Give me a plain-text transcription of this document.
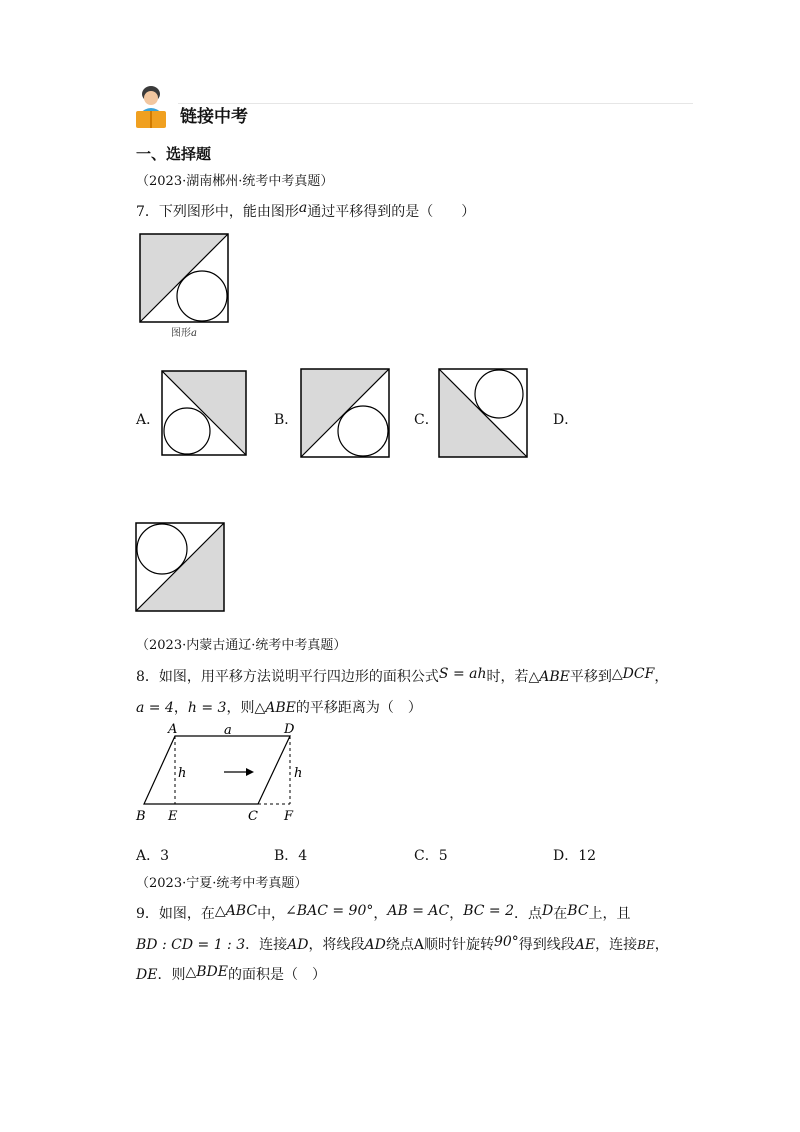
链接中考
一、选择题
（2023·湖南郴州·统考中考真题）
7．下列图形中，能由图形a通过平移得到的是（　　）
图形a
A．	B．	C．	D．
（2023·内蒙古通辽·统考中考真题）
8．如图，用平移方法说明平行四边形的面积公式S = ah时，若△ABE平移到△DCF，
a = 4，h = 3，则△ABE的平移距离为（　）
A	D
a
h	h
B E	C F
A．3	B．4	C．5	D．12
（2023·宁夏·统考中考真题）
9．如图，在△ABC中，∠BAC = 90°，AB = AC，BC = 2．点D在BC上，且
BD : CD = 1 : 3．连接AD，将线段AD绕点A顺时针旋转90°得到线段AE，连接BE，
DE．则△BDE的面积是（　）
